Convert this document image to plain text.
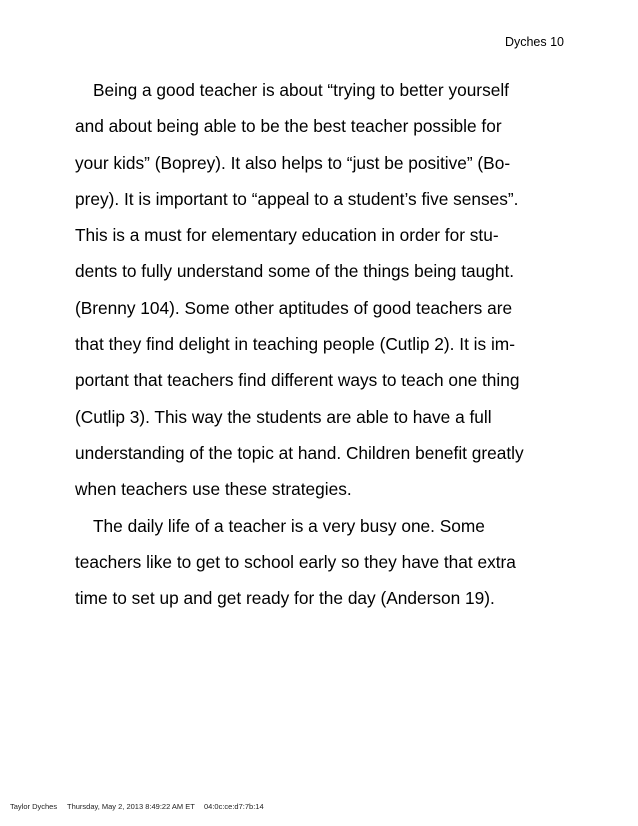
Dyches 10
Being a good teacher is about “trying to better yourself
and about being able to be the best teacher possible for
your kids” (Boprey). It also helps to “just be positive” (Bo-
prey). It is important to “appeal to a student’s five senses”.
This is a must for elementary education in order for stu-
dents to fully understand some of the things being taught.
(Brenny 104). Some other aptitudes of good teachers are
that they find delight in teaching people (Cutlip 2). It is im-
portant that teachers find different ways to teach one thing
(Cutlip 3). This way the students are able to have a full
understanding of the topic at hand. Children benefit greatly
when teachers use these strategies.
The daily life of a teacher is a very busy one. Some
teachers like to get to school early so they have that extra
time to set up and get ready for the day (Anderson 19).
Taylor Dyches Thursday, May 2, 2013 8:49:22 AM ET 04:0c:ce:d7:7b:14
